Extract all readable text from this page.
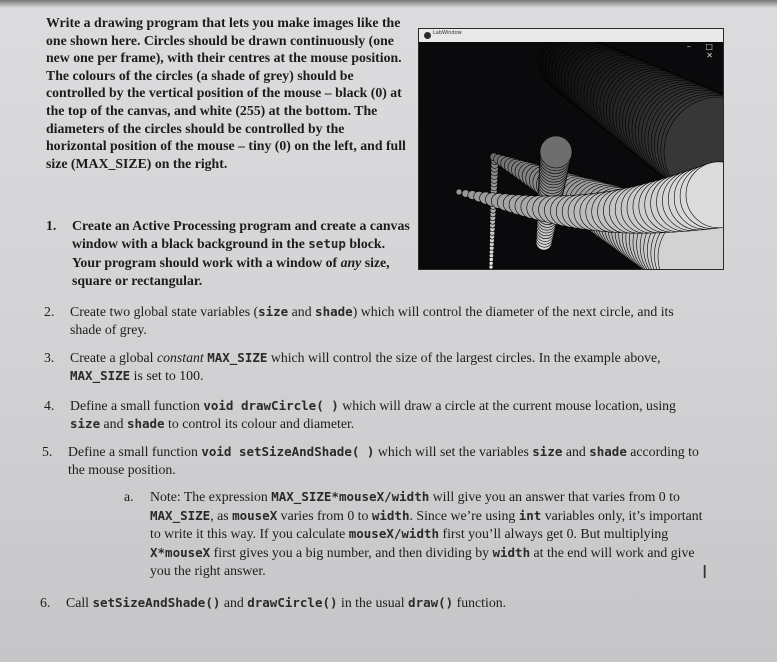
Write a drawing program that lets you make images like the one shown here. Circles should be drawn continuously (one new one per frame), with their centres at the mouse position. The colours of the circles (a shade of grey) should be controlled by the vertical position of the mouse – black (0) at the top of the canvas, and white (255) at the bottom. The diameters of the circles should be controlled by the horizontal position of the mouse – tiny (0) on the left, and full size (MAX_SIZE) on the right.

1.	Create an Active Processing program and create a canvas window with a black background in the setup block. Your program should work with a window of any size, square or rectangular.
LabWindow
– □ ✕
2.	Create two global state variables (size and shade) which will control the diameter of the next circle, and its shade of grey.
3.	Create a global constant MAX_SIZE which will control the size of the largest circles. In the example above, MAX_SIZE is set to 100.
4.	Define a small function void drawCircle( ) which will draw a circle at the current mouse location, using size and shade to control its colour and diameter.
5.	Define a small function void setSizeAndShade( ) which will set the variables size and shade according to the mouse position.
a.	Note: The expression MAX_SIZE*mouseX/width will give you an answer that varies from 0 to MAX_SIZE, as mouseX varies from 0 to width. Since we’re using int variables only, it’s important to write it this way. If you calculate mouseX/width first you’ll always get 0. But multiplying X*mouseX first gives you a big number, and then dividing by width at the end will work and give you the right answer.
6.	Call setSizeAndShade() and drawCircle() in the usual draw() function.
I
